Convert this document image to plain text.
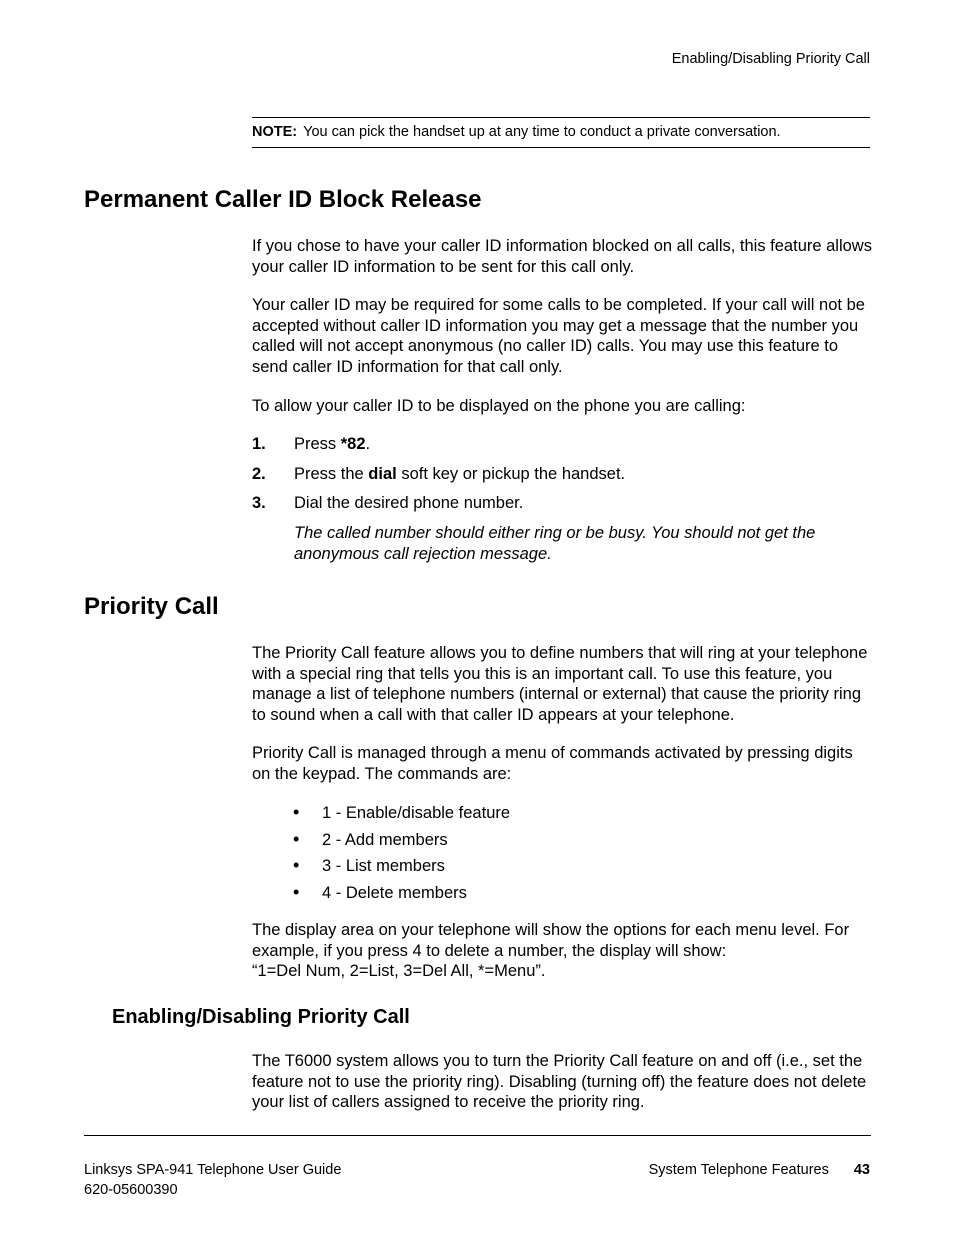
Enabling/Disabling Priority Call
NOTE: You can pick the handset up at any time to conduct a private conversation.
Permanent Caller ID Block Release

If you chose to have your caller ID information blocked on all calls, this feature allows your caller ID information to be sent for this call only.

Your caller ID may be required for some calls to be completed. If your call will not be accepted without caller ID information you may get a message that the number you called will not accept anonymous (no caller ID) calls. You may use this feature to send caller ID information for that call only.

To allow your caller ID to be displayed on the phone you are calling:

1. Press *82.
2. Press the dial soft key or pickup the handset.
3. Dial the desired phone number.

The called number should either ring or be busy. You should not get the anonymous call rejection message.

Priority Call

The Priority Call feature allows you to define numbers that will ring at your telephone with a special ring that tells you this is an important call. To use this feature, you manage a list of telephone numbers (internal or external) that cause the priority ring to sound when a call with that caller ID appears at your telephone.

Priority Call is managed through a menu of commands activated by pressing digits on the keypad. The commands are:

• 1 - Enable/disable feature
• 2 - Add members
• 3 - List members
• 4 - Delete members

The display area on your telephone will show the options for each menu level. For example, if you press 4 to delete a number, the display will show:

“1=Del Num, 2=List, 3=Del All, *=Menu”.

Enabling/Disabling Priority Call

The T6000 system allows you to turn the Priority Call feature on and off (i.e., set the feature not to use the priority ring). Disabling (turning off) the feature does not delete your list of callers assigned to receive the priority ring.

Linksys SPA-941 Telephone User Guide
620-05600390
System Telephone Features 43
